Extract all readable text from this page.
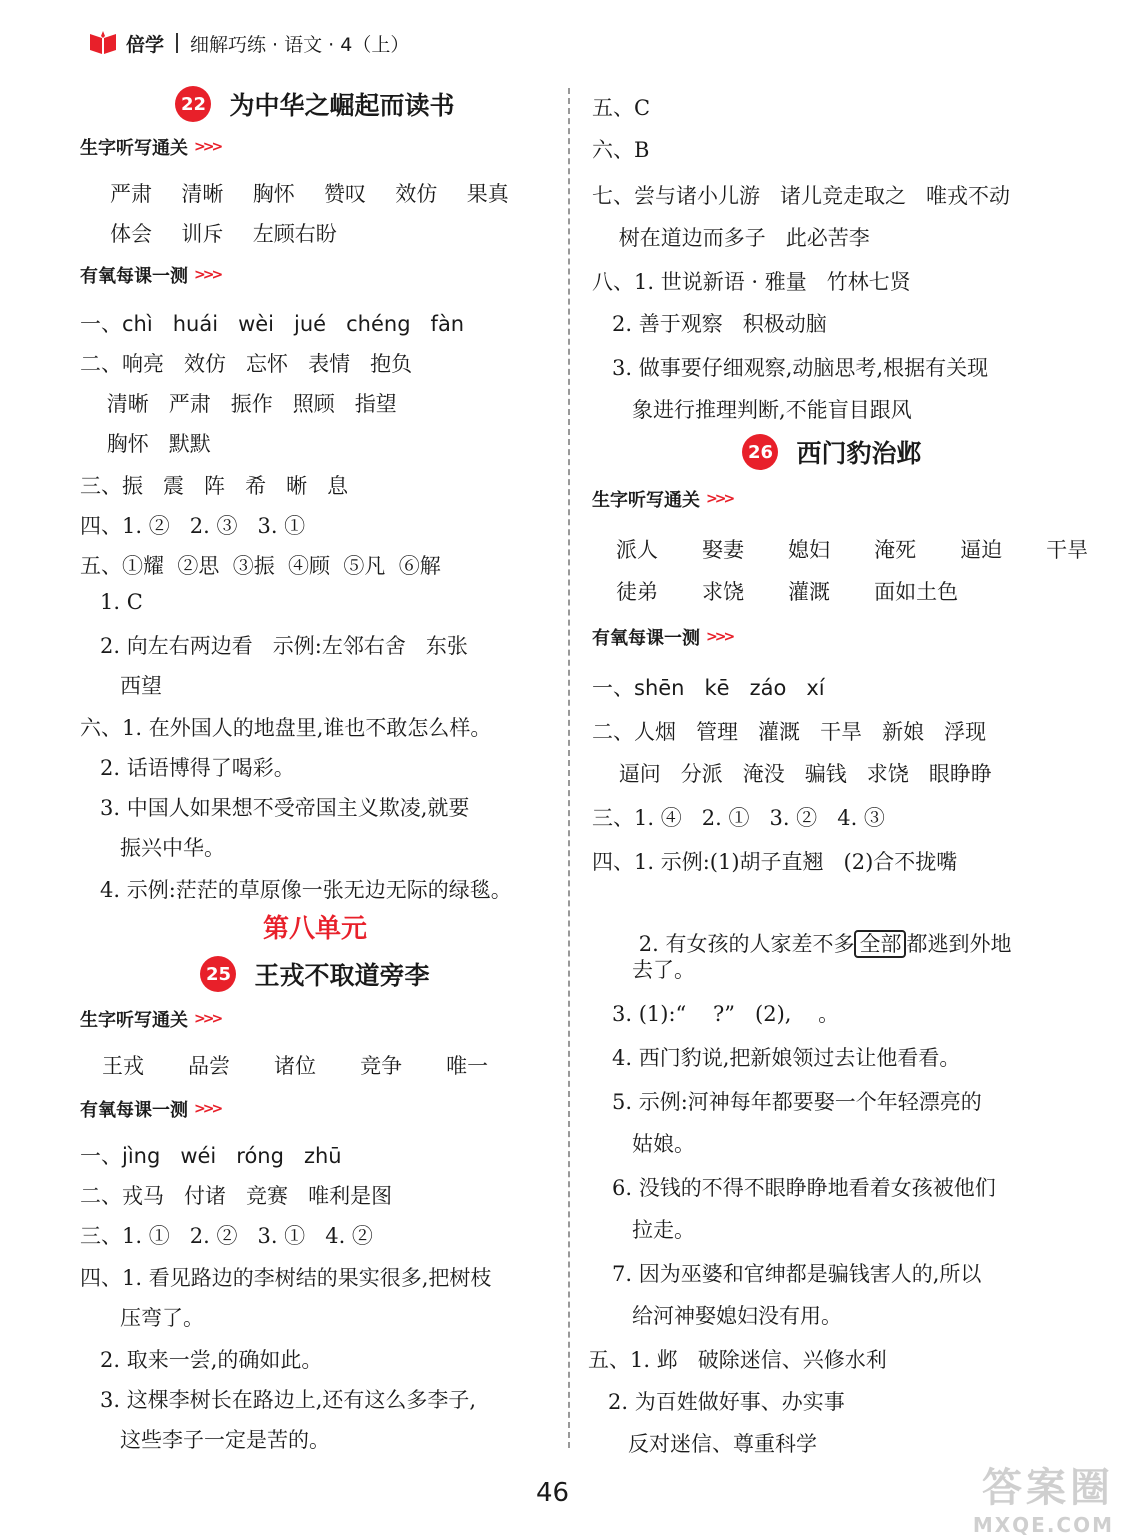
倍学 细解巧练 · 语文 · 4（上）
22 为中华之崛起而读书
生字听写通关 >>>
严肃  清晰  胸怀  赞叹  效仿  果真
体会  训斥  左顾右盼
有氧每课一测 >>>
一、chì   huái   wèi   jué   chéng   fàn
二、响亮   效仿   忘怀   表情   抱负
清晰   严肃   振作   照顾   指望
胸怀   默默
三、振   震   阵   希   晰   息
四、1. ②   2. ③   3. ①
五、①耀  ②思  ③振  ④顾  ⑤凡  ⑥解
1. C
2. 向左右两边看   示例:左邻右舍   东张
西望
六、1. 在外国人的地盘里,谁也不敢怎么样。
2. 话语博得了喝彩。
3. 中国人如果想不受帝国主义欺凌,就要
振兴中华。
4. 示例:茫茫的草原像一张无边无际的绿毯。
第八单元
25 王戎不取道旁李
生字听写通关 >>>
王戎   品尝   诸位   竞争   唯一
有氧每课一测 >>>
一、jìng   wéi   róng   zhū
二、戎马   付诸   竞赛   唯利是图
三、1. ①   2. ②   3. ①   4. ②
四、1. 看见路边的李树结的果实很多,把树枝
压弯了。
2. 取来一尝,的确如此。
3. 这棵李树长在路边上,还有这么多李子,
这些李子一定是苦的。
五、C
六、B
七、尝与诸小儿游   诸儿竞走取之   唯戎不动
树在道边而多子   此必苦李
八、1. 世说新语 · 雅量   竹林七贤
2. 善于观察   积极动脑
3. 做事要仔细观察,动脑思考,根据有关现
象进行推理判断,不能盲目跟风
26 西门豹治邺
生字听写通关 >>>
派人   娶妻   媳妇   淹死   逼迫   干旱
徒弟   求饶   灌溉   面如土色
有氧每课一测 >>>
一、shēn   kē   záo   xí
二、人烟   管理   灌溉   干旱   新娘   浮现
逼问   分派   淹没   骗钱   求饶   眼睁睁
三、1. ④   2. ①   3. ②   4. ③
四、1. 示例:(1)胡子直翘   (2)合不拢嘴

2. 有女孩的人家差不多 全部 都逃到外地

去了。
3. (1):“    ?”   (2),    。
4. 西门豹说,把新娘领过去让他看看。
5. 示例:河神每年都要娶一个年轻漂亮的
姑娘。
6. 没钱的不得不眼睁睁地看着女孩被他们
拉走。
7. 因为巫婆和官绅都是骗钱害人的,所以
给河神娶媳妇没有用。
五、1. 邺   破除迷信、兴修水利
2. 为百姓做好事、办实事
反对迷信、尊重科学
46	答案圈
MXQE.COM
